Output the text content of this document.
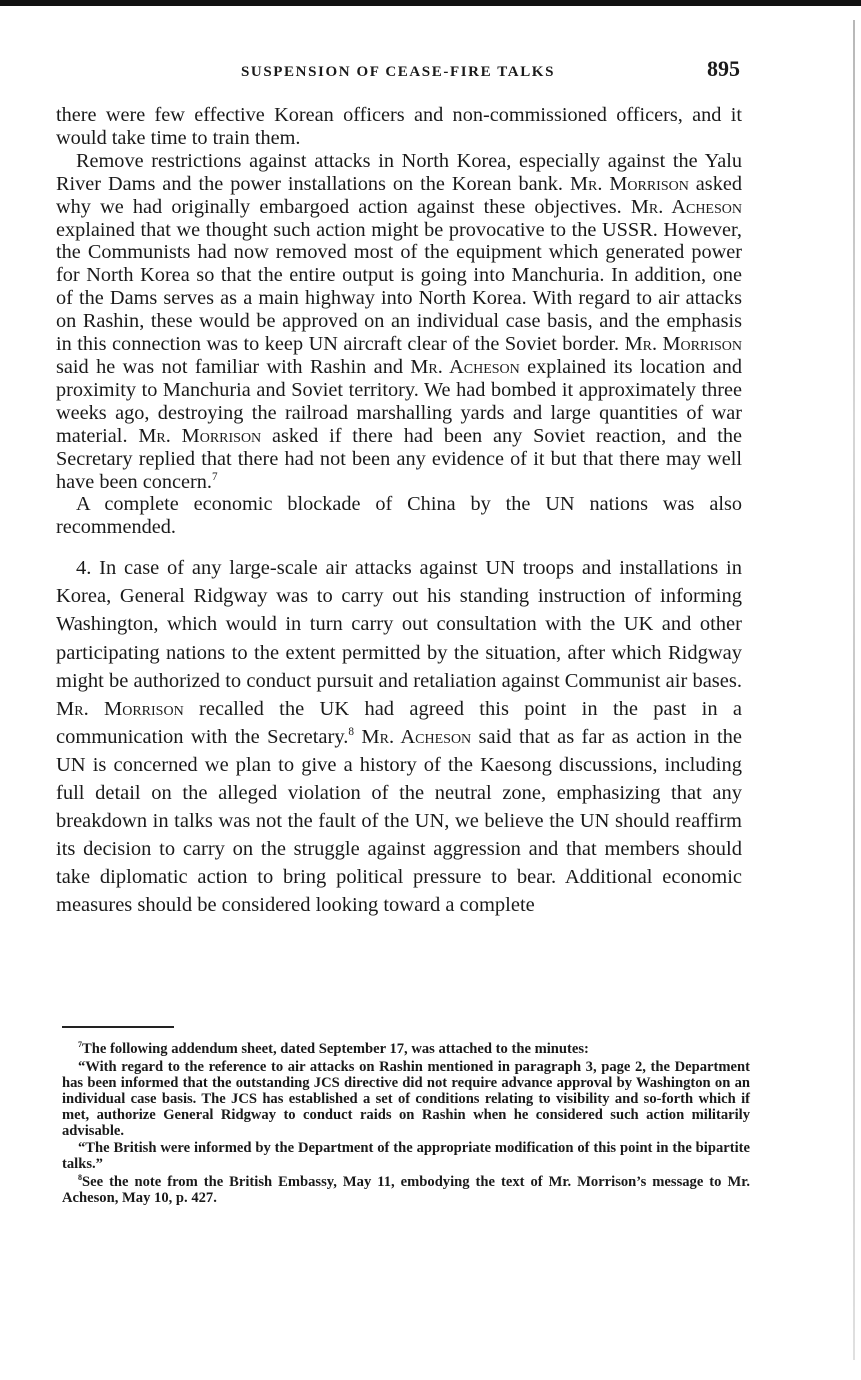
SUSPENSION OF CEASE-FIRE TALKS	895

there were few effective Korean officers and non-commissioned officers, and it would take time to train them.

Remove restrictions against attacks in North Korea, especially against the Yalu River Dams and the power installations on the Korean bank. Mr. Morrison asked why we had originally embargoed action against these objectives. Mr. Acheson explained that we thought such action might be provocative to the USSR. However, the Communists had now removed most of the equipment which generated power for North Korea so that the entire output is going into Manchuria. In addition, one of the Dams serves as a main highway into North Korea. With regard to air attacks on Rashin, these would be approved on an individual case basis, and the emphasis in this connection was to keep UN aircraft clear of the Soviet border. Mr. Morrison said he was not familiar with Rashin and Mr. Acheson explained its location and proximity to Manchuria and Soviet territory. We had bombed it approximately three weeks ago, destroying the railroad marshalling yards and large quantities of war material. Mr. Morrison asked if there had been any Soviet reaction, and the Secretary replied that there had not been any evidence of it but that there may well have been concern.$^7$

A complete economic blockade of China by the UN nations was also recommended.

4. In case of any large-scale air attacks against UN troops and installations in Korea, General Ridgway was to carry out his standing instruction of informing Washington, which would in turn carry out consultation with the UK and other participating nations to the extent permitted by the situation, after which Ridgway might be authorized to conduct pursuit and retaliation against Communist air bases. Mr. Morrison recalled the UK had agreed this point in the past in a communication with the Secretary.$^8$ Mr. Acheson said that as far as action in the UN is concerned we plan to give a history of the Kaesong discussions, including full detail on the alleged violation of the neutral zone, emphasizing that any breakdown in talks was not the fault of the UN, we believe the UN should reaffirm its decision to carry on the struggle against aggression and that members should take diplomatic action to bring political pressure to bear. Additional economic measures should be considered looking toward a complete

$^7$The following addendum sheet, dated September 17, was attached to the minutes:

“With regard to the reference to air attacks on Rashin mentioned in paragraph 3, page 2, the Department has been informed that the outstanding JCS directive did not require advance approval by Washington on an individual case basis. The JCS has established a set of conditions relating to visibility and so-forth which if met, authorize General Ridgway to conduct raids on Rashin when he considered such action militarily advisable.

“The British were informed by the Department of the appropriate modification of this point in the bipartite talks.”

$^8$See the note from the British Embassy, May 11, embodying the text of Mr. Morrison’s message to Mr. Acheson, May 10, p. 427.
